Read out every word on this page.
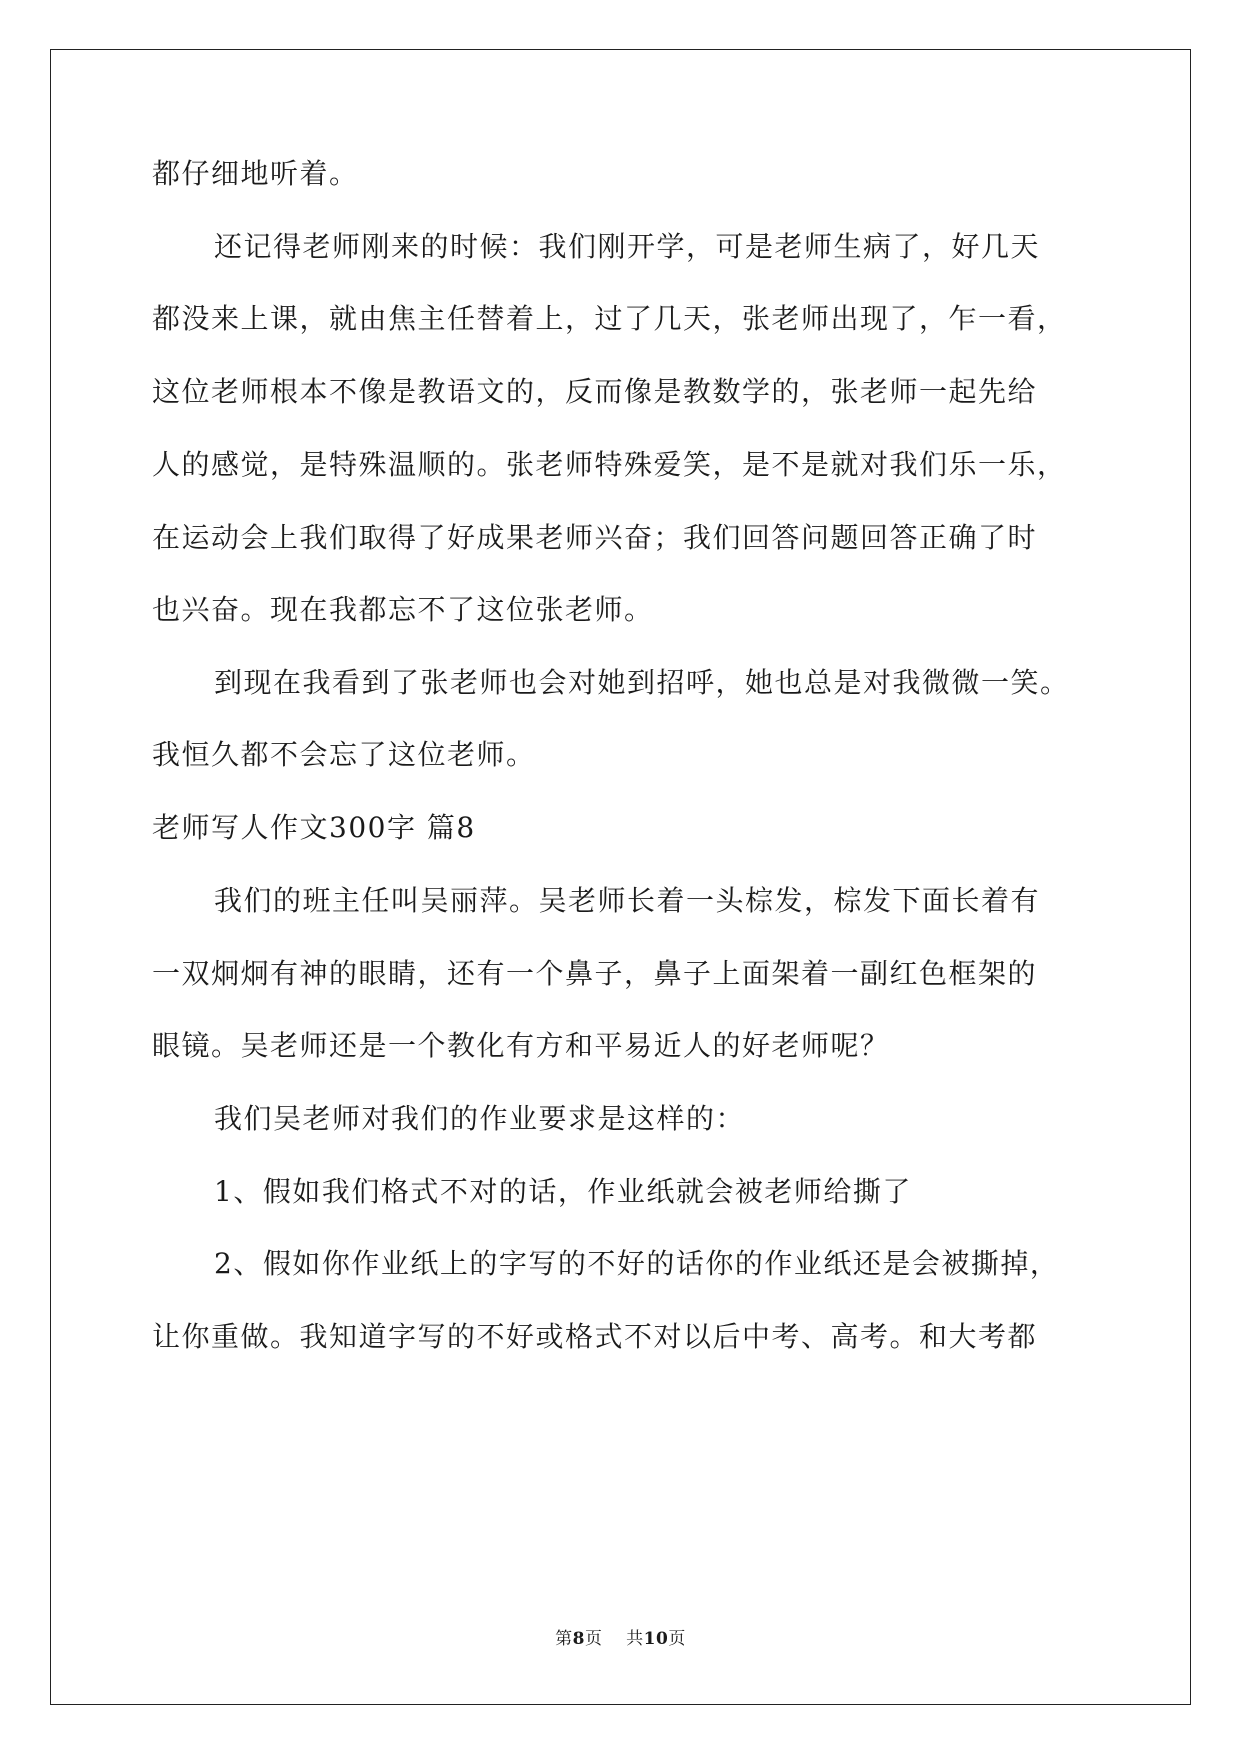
都仔细地听着。
还记得老师刚来的时候：我们刚开学，可是老师生病了，好几天
都没来上课，就由焦主任替着上，过了几天，张老师出现了，乍一看，
这位老师根本不像是教语文的，反而像是教数学的，张老师一起先给
人的感觉，是特殊温顺的。张老师特殊爱笑，是不是就对我们乐一乐，
在运动会上我们取得了好成果老师兴奋；我们回答问题回答正确了时
也兴奋。现在我都忘不了这位张老师。
到现在我看到了张老师也会对她到招呼，她也总是对我微微一笑。
我恒久都不会忘了这位老师。
老师写人作文300字 篇8
我们的班主任叫吴丽萍。吴老师长着一头棕发，棕发下面长着有
一双炯炯有神的眼睛，还有一个鼻子，鼻子上面架着一副红色框架的
眼镜。吴老师还是一个教化有方和平易近人的好老师呢？
我们吴老师对我们的作业要求是这样的：
1、假如我们格式不对的话，作业纸就会被老师给撕了
2、假如你作业纸上的字写的不好的话你的作业纸还是会被撕掉，
让你重做。我知道字写的不好或格式不对以后中考、高考。和大考都
第8页 共10页
